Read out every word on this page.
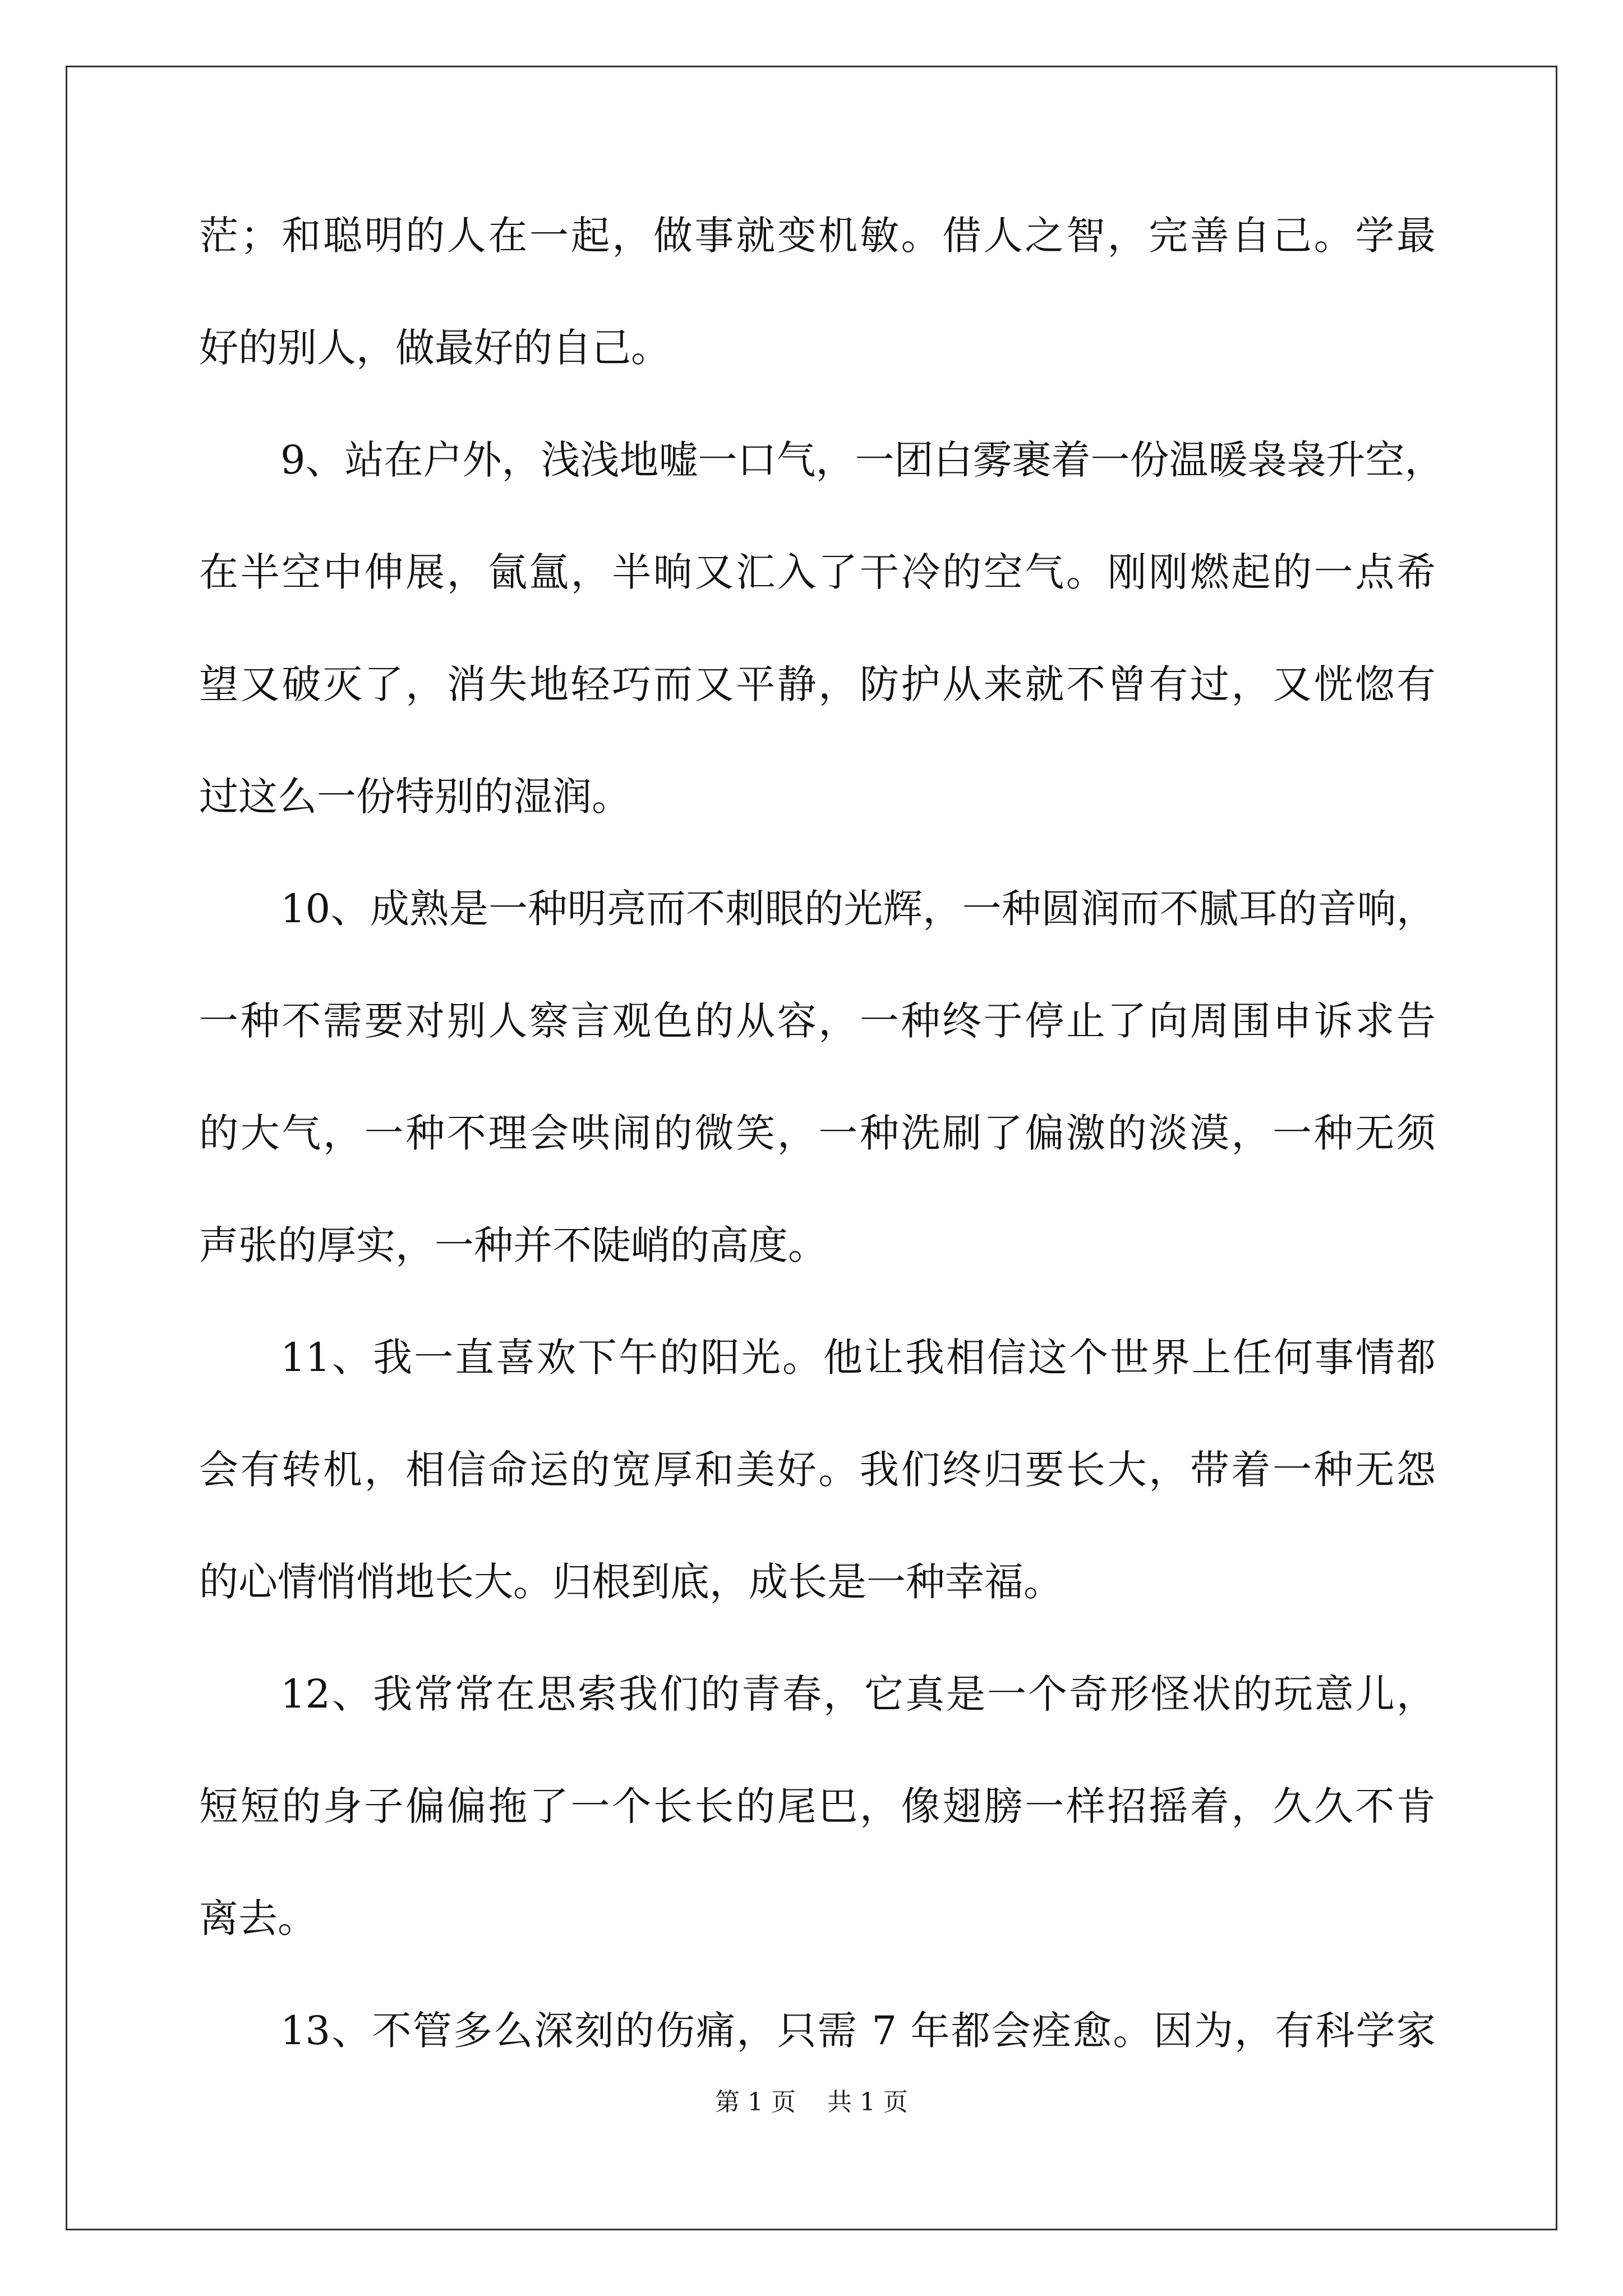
茫；和聪明的人在一起，做事就变机敏。借人之智，完善自己。学最
好的别人，做最好的自己。
9、站在户外，浅浅地嘘一口气，一团白雾裹着一份温暖袅袅升空，
在半空中伸展，氤氲，半晌又汇入了干冷的空气。刚刚燃起的一点希
望又破灭了，消失地轻巧而又平静，防护从来就不曾有过，又恍惚有
过这么一份特别的湿润。
10、成熟是一种明亮而不刺眼的光辉，一种圆润而不腻耳的音响，
一种不需要对别人察言观色的从容，一种终于停止了向周围申诉求告
的大气，一种不理会哄闹的微笑，一种洗刷了偏激的淡漠，一种无须
声张的厚实，一种并不陡峭的高度。
11、我一直喜欢下午的阳光。他让我相信这个世界上任何事情都
会有转机，相信命运的宽厚和美好。我们终归要长大，带着一种无怨
的心情悄悄地长大。归根到底，成长是一种幸福。
12、我常常在思索我们的青春，它真是一个奇形怪状的玩意儿，
短短的身子偏偏拖了一个长长的尾巴，像翅膀一样招摇着，久久不肯
离去。
13、不管多么深刻的伤痛，只需 7 年都会痊愈。因为，有科学家
第 1 页 共 1 页
